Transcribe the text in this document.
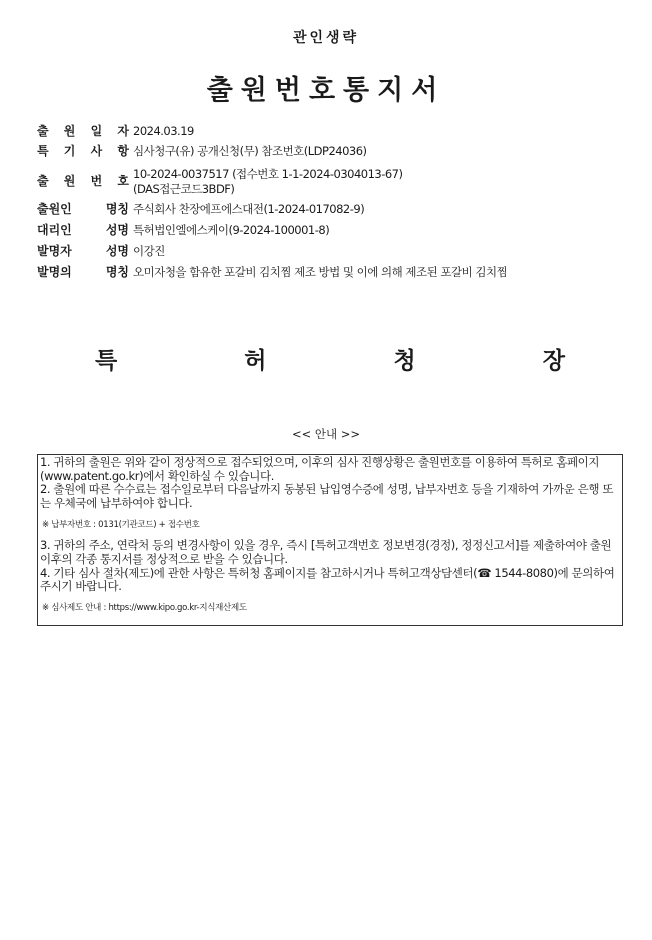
관인생략
출원번호통지서
출 원 일 자 2024.03.19
특 기 사 항 심사청구(유) 공개신청(무) 참조번호(LDP24036)
출 원 번 호 10-2024-0037517 (접수번호 1-1-2024-0304013-67)
(DAS접근코드3BDF)
출원인 명칭 주식회사 찬장에프에스대전(1-2024-017082-9)
대리인 성명 특허법인엘에스케이(9-2024-100001-8)
발명자 성명 이강진
발명의 명칭 오미자청을 함유한 포갈비 김치찜 제조 방법 및 이에 의해 제조된 포갈비 김치찜
특	허	청	장
<< 안내 >>

1. 귀하의 출원은 위와 같이 정상적으로 접수되었으며, 이후의 심사 진행상황은 출원번호를 이용하여 특허로 홈페이지(www.patent.go.kr)에서 확인하실 수 있습니다.

2. 출원에 따른 수수료는 접수일로부터 다음날까지 동봉된 납입영수증에 성명, 납부자번호 등을 기재하여 가까운 은행 또는 우체국에 납부하여야 합니다.

※ 납부자번호 : 0131(기관코드) + 접수번호

3. 귀하의 주소, 연락처 등의 변경사항이 있을 경우, 즉시 [특허고객번호 정보변경(경정), 정정신고서]를 제출하여야 출원 이후의 각종 통지서를 정상적으로 받을 수 있습니다.

4. 기타 심사 절차(제도)에 관한 사항은 특허청 홈페이지를 참고하시거나 특허고객상담센터(☎ 1544-8080)에 문의하여 주시기 바랍니다.

※ 심사제도 안내 : https://www.kipo.go.kr-지식재산제도
